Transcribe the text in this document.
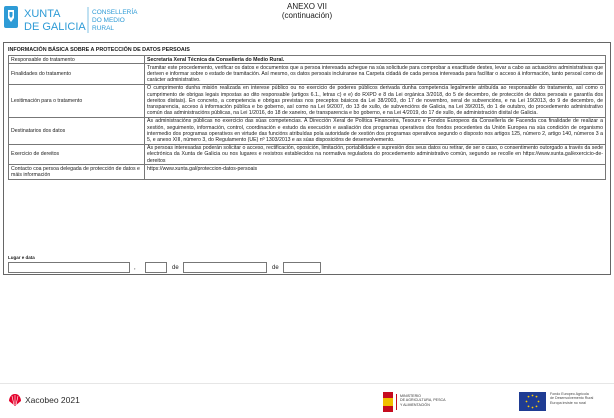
XUNTA
DE GALICIA
CONSELLERÍA
DO MEDIO
RURAL
ANEXO VII
(continuación)
INFORMACIÓN BÁSICA SOBRE A PROTECCIÓN DE DATOS PERSOAIS
Responsable do tratamento	Secretaría Xeral Técnica da Consellería do Medio Rural.
Finalidades do tratamento	Tramitar este procedemento, verificar os datos e documentos que a persoa interesada achegue na súa solicitude para comprobar a exactitude destes, levar a cabo as actuacións administrativas que deriven e informar sobre o estado de tramitación. Así mesmo, os datos persoais incluiranse na Carpeta cidadá de cada persoa interesada para facilitar o acceso á información, tanto persoal como de carácter administrativo.
Lexitimación para o tratamento	O cumprimento dunha misión realizada en interese público ou no exercicio de poderes públicos derivada dunha competencia legalmente atribuída ao responsable do tratamento, así como o cumprimento de obrigas legais impostas ao dito responsable (artigos 6.1., letras c) e e) do RXPD e 8 da Lei orgánica 3/2018, do 5 de decembro, de protección de datos persoais e garantía dos dereitos dixitais). En concreto, a competencia e obrigas previstas nos preceptos básicos da Lei 38/2003, do 17 de novembro, xeral de subvencións, e na Lei 19/2013, do 9 de decembro, de transparencia, acceso á información pública e bo goberno, así como na Lei 9/2007, do 13 de xullo, de subvencións de Galicia, na Lei 39/2015, do 1 de outubro, do procedemento administrativo común das administracións públicas, na Lei 1/2016, do 18 de xaneiro, de transparencia e bo goberno, e na Lei 4/2019, do 17 de xullo, de administración dixital de Galicia.
Destinatarios dos datos	As administracións públicas no exercicio das súas competencias. A Dirección Xeral de Política Financeira, Tesouro e Fondos Europeos da Consellería de Facenda coa finalidade de realizar a xestión, seguimento, información, control, coordinación e estudo da execución e avaliación dos programas operativos dos fondos procedentes da Unión Europea na súa condición de organismo intermedio dos programas operativos en virtude das funcións atribuídas pola autoridade de xestión dos programas operativos segundo o disposto nos artigos 125, número 2, artigo 140, números 3 a 5, e anexo XIII, número 3, do Regulamento (UE) nº 1303/2013 e as súas disposicións de desenvolvemento.
Exercicio de dereitos	As persoas interesadas poderán solicitar o acceso, rectificación, oposición, limitación, portabilidade e supresión dos seus datos ou retirar, de ser o caso, o consentimento outorgado a través da sede electrónica da Xunta de Galicia ou nos lugares e rexistros establecidos na normativa reguladora do procedemento administrativo común, segundo se recolle en https://www.xunta.gal/exercicio-de-dereitos
Contacto coa persoa delegada de protección de datos e máis información	https://www.xunta.gal/proteccion-datos-persoais
Lugar e data
,	de	de
Xacobeo 2021	MINISTERIO
DE AGRICULTURA, PESCA
Y ALIMENTACIÓN
Fondo Europeo Agrícola
de Desenvolvemento Rural
Europa inviste no rural
